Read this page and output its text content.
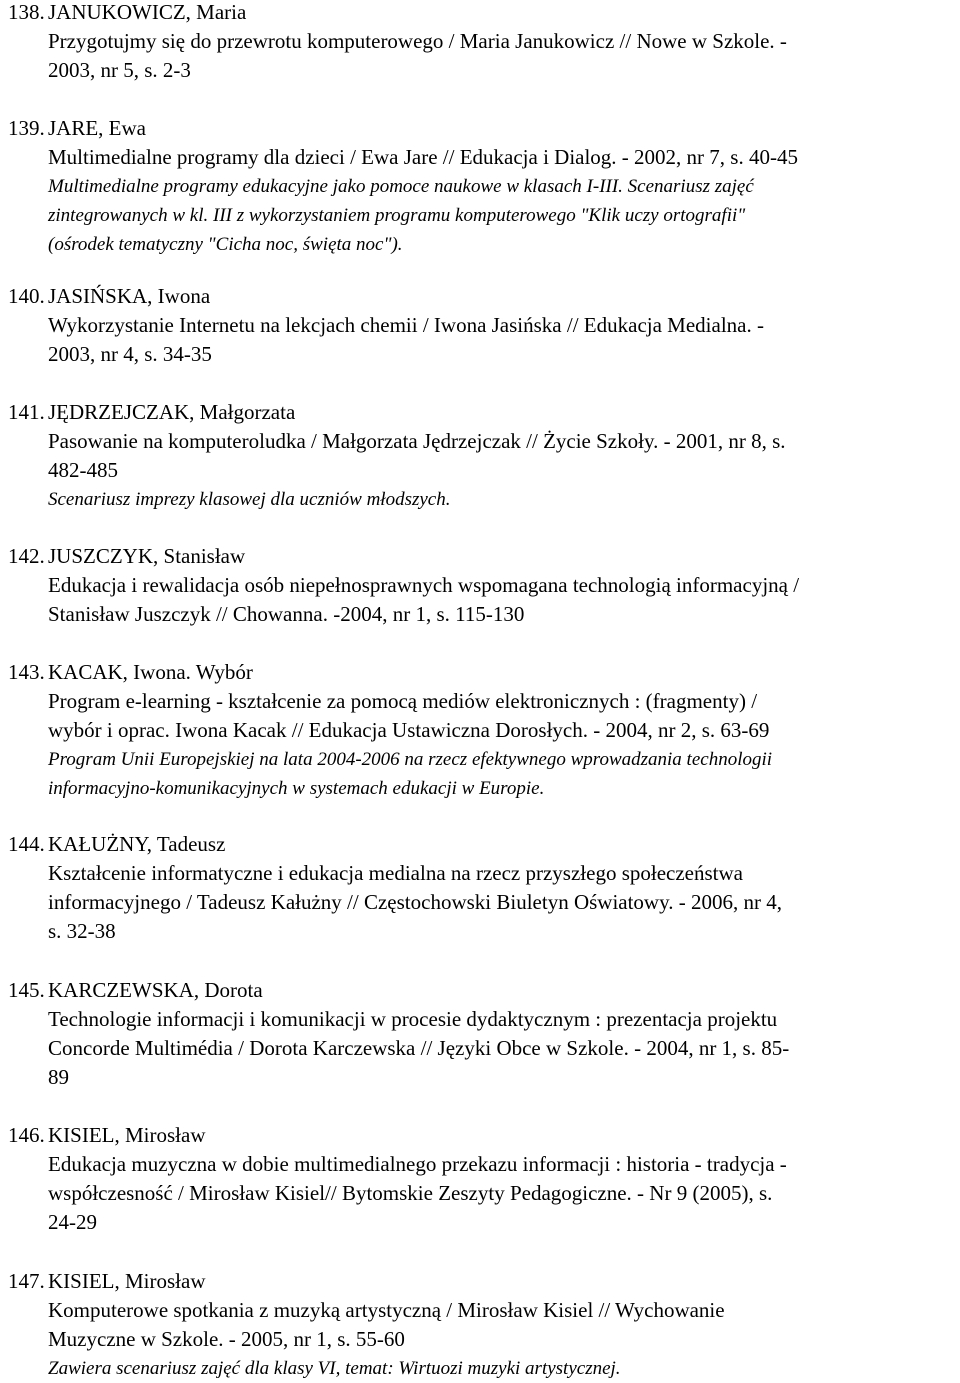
138. JANUKOWICZ, Maria
Przygotujmy się do przewrotu komputerowego / Maria Janukowicz // Nowe w Szkole. -
2003, nr 5, s. 2-3
139. JARE, Ewa
Multimedialne programy dla dzieci / Ewa Jare // Edukacja i Dialog. - 2002, nr 7, s. 40-45
Multimedialne programy edukacyjne jako pomoce naukowe w klasach I-III. Scenariusz zajęć
zintegrowanych w kl. III z wykorzystaniem programu komputerowego "Klik uczy ortografii"
(ośrodek tematyczny "Cicha noc, święta noc").
140. JASIŃSKA, Iwona
Wykorzystanie Internetu na lekcjach chemii / Iwona Jasińska // Edukacja Medialna. -
2003, nr 4, s. 34-35
141. JĘDRZEJCZAK, Małgorzata
Pasowanie na komputeroludka / Małgorzata Jędrzejczak // Życie Szkoły. - 2001, nr 8, s.
482-485
Scenariusz imprezy klasowej dla uczniów młodszych.
142. JUSZCZYK, Stanisław
Edukacja i rewalidacja osób niepełnosprawnych wspomagana technologią informacyjną /
Stanisław Juszczyk // Chowanna. -2004, nr 1, s. 115-130
143. KACAK, Iwona. Wybór
Program e-learning - kształcenie za pomocą mediów elektronicznych : (fragmenty) /
wybór i oprac. Iwona Kacak // Edukacja Ustawiczna Dorosłych. - 2004, nr 2, s. 63-69
Program Unii Europejskiej na lata 2004-2006 na rzecz efektywnego wprowadzania technologii
informacyjno-komunikacyjnych w systemach edukacji w Europie.
144. KAŁUŻNY, Tadeusz
Kształcenie informatyczne i edukacja medialna na rzecz przyszłego społeczeństwa
informacyjnego / Tadeusz Kałużny // Częstochowski Biuletyn Oświatowy. - 2006, nr 4,
s. 32-38
145. KARCZEWSKA, Dorota
Technologie informacji i komunikacji w procesie dydaktycznym : prezentacja projektu
Concorde Multimédia / Dorota Karczewska // Języki Obce w Szkole. - 2004, nr 1, s. 85-
89
146. KISIEL, Mirosław
Edukacja muzyczna w dobie multimedialnego przekazu informacji : historia - tradycja -
współczesność / Mirosław Kisiel// Bytomskie Zeszyty Pedagogiczne. - Nr 9 (2005), s.
24-29
147. KISIEL, Mirosław
Komputerowe spotkania z muzyką artystyczną / Mirosław Kisiel // Wychowanie
Muzyczne w Szkole. - 2005, nr 1, s. 55-60
Zawiera scenariusz zajęć dla klasy VI, temat: Wirtuozi muzyki artystycznej.
